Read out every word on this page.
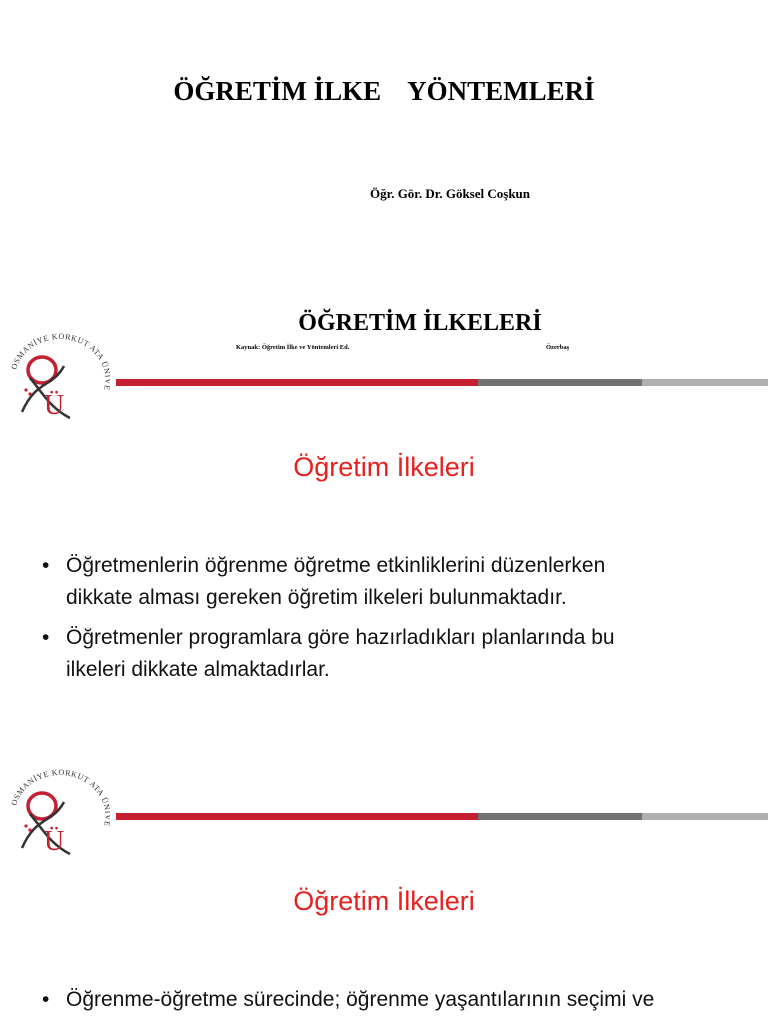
ÖĞRETİM İLKE    YÖNTEMLERİ
Öğr. Gör. Dr. Göksel Coşkun
ÖĞRETİM İLKELERİ
Kaynak: Öğretim İlke ve Yöntemleri Ed.	Özerbaş
OSMANİYE KORKUT ATA Ü
Ü
Öğretim İlkeleri
• Öğretmenlerin öğrenme öğretme etkinliklerini düzenlerken
dikkate alması gereken öğretim ilkeleri bulunmaktadır.
• Öğretmenler programlara göre hazırladıkları planlarında bu
ilkeleri dikkate almaktadırlar.
OSMANİYE KORKUT ATA Ü
Ü
Öğretim İlkeleri
• Öğrenme-öğretme sürecinde; öğrenme yaşantılarının seçimi ve
